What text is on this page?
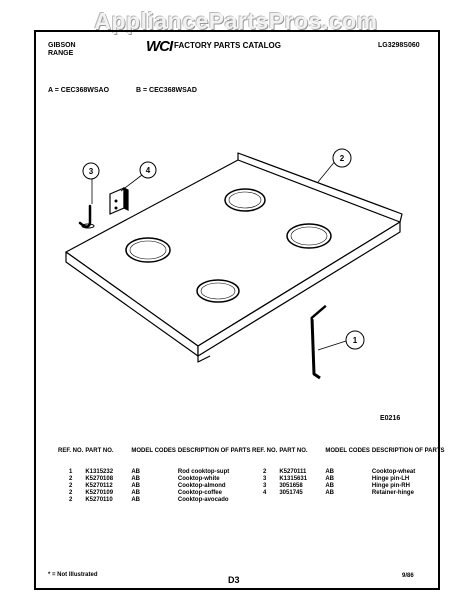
AppliancePartsPros.com
GIBSON
RANGE	WCI FACTORY PARTS CATALOG	LG3298S060
A = CEC368WSAO	B = CEC368WSAD
1
2
3	4
E0216
REF. NO.	PART NO.	MODEL CODES	DESCRIPTION OF PARTS
1	K1315232	AB	Rod cooktop-supt
2	K5270108	AB	Cooktop-white
2	K5270112	AB	Cooktop-almond
2	K5270109	AB	Cooktop-coffee
2	K5270110	AB	Cooktop-avocado
REF. NO.	PART NO.	MODEL CODES	DESCRIPTION OF PARTS
2	K5270111	AB	Cooktop-wheat
3	K1315631	AB	Hinge pin-LH
3	3051658	AB	Hinge pin-RH
4	3051745	AB	Retainer-hinge
* = Not Illustrated	D3	9/86
